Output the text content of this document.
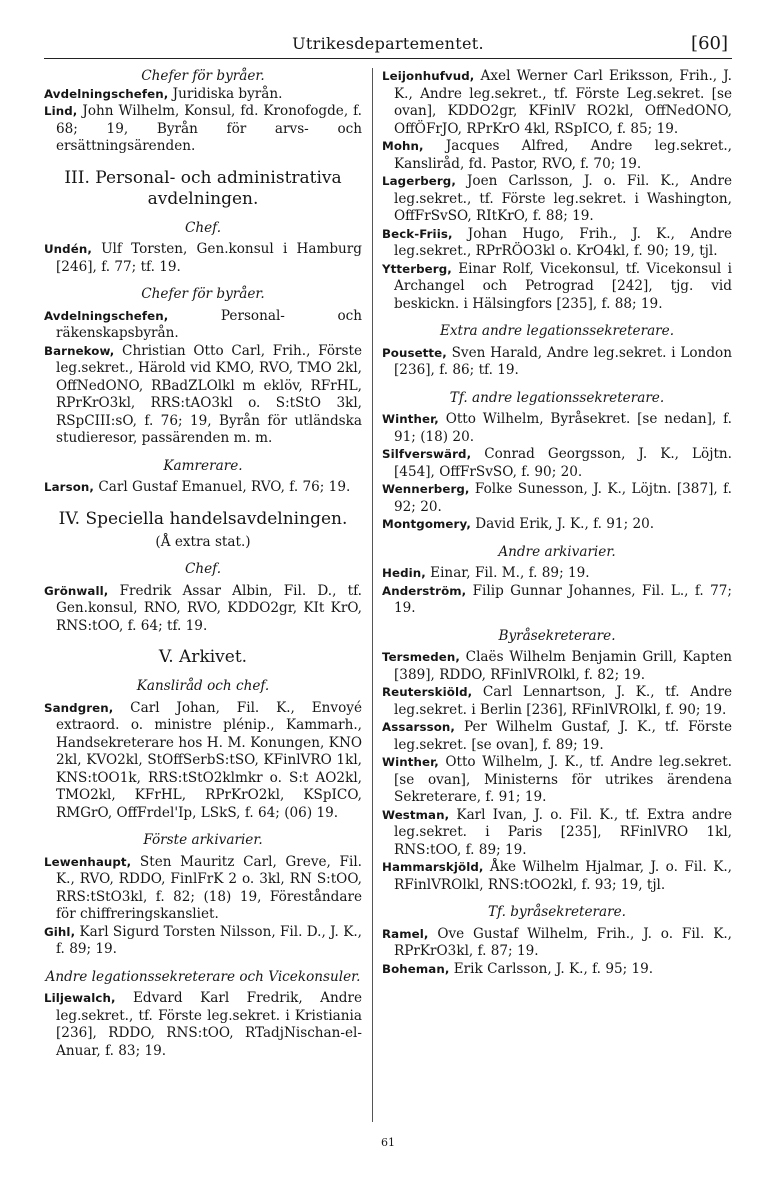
Utrikesdepartementet.	[60]
Chefer för byråer.

Avdelningschefen, Juridiska byrån.

Lind, John Wilhelm, Konsul, fd. Kronofogde, f. 68; 19, Byrån för arvs- och ersättningsärenden.

III. Personal- och administrativa avdelningen.
Chef.

Undén, Ulf Torsten, Gen.konsul i Hamburg [246], f. 77; tf. 19.

Chefer för byråer.

Avdelningschefen, Personal- och räkenskapsbyrån.

Barnekow, Christian Otto Carl, Frih., Förste leg.sekret., Härold vid KMO, RVO, TMO 2kl, OffNedONO, RBadZLOlkl m eklöv, RFrHL, RPrKrO3kl, RRS:tAO3kl o. S:tStO 3kl, RSpCIII:sO, f. 76; 19, Byrån för utländska studieresor, passärenden m. m.

Kamrerare.

Larson, Carl Gustaf Emanuel, RVO, f. 76; 19.

IV. Speciella handelsavdelningen.
(Å extra stat.)
Chef.

Grönwall, Fredrik Assar Albin, Fil. D., tf. Gen.konsul, RNO, RVO, KDDO2gr, KIt KrO, RNS:tOO, f. 64; tf. 19.

V. Arkivet.
Kansliråd och chef.

Sandgren, Carl Johan, Fil. K., Envoyé extraord. o. ministre plénip., Kammarh., Handsekreterare hos H. M. Konungen, KNO 2kl, KVO2kl, StOffSerbS:tSO, KFinlVRO 1kl, KNS:tOO1k, RRS:tStO2klmkr o. S:t AO2kl, TMO2kl, KFrHL, RPrKrO2kl, KSpICO, RMGrO, OffFrdel'Ip, LSkS, f. 64; (06) 19.

Förste arkivarier.

Lewenhaupt, Sten Mauritz Carl, Greve, Fil. K., RVO, RDDO, FinlFrK 2 o. 3kl, RN S:tOO, RRS:tStO3kl, f. 82; (18) 19, Föreståndare för chiffreringskansliet.

Gihl, Karl Sigurd Torsten Nilsson, Fil. D., J. K., f. 89; 19.

Andre legationssekreterare och Vicekonsuler.

Liljewalch, Edvard Karl Fredrik, Andre leg.sekret., tf. Förste leg.sekret. i Kristiania [236], RDDO, RNS:tOO, RTadjNischan-el-Anuar, f. 83; 19.

Leijonhufvud, Axel Werner Carl Eriksson, Frih., J. K., Andre leg.sekret., tf. Förste Leg.sekret. [se ovan], KDDO2gr, KFinlV RO2kl, OffNedONO, OffÖFrJO, RPrKrO 4kl, RSpICO, f. 85; 19.

Mohn, Jacques Alfred, Andre leg.sekret., Kansliråd, fd. Pastor, RVO, f. 70; 19.

Lagerberg, Joen Carlsson, J. o. Fil. K., Andre leg.sekret., tf. Förste leg.sekret. i Washington, OffFrSvSO, RItKrO, f. 88; 19.

Beck-Friis, Johan Hugo, Frih., J. K., Andre leg.sekret., RPrRÖO3kl o. KrO4kl, f. 90; 19, tjl.

Ytterberg, Einar Rolf, Vicekonsul, tf. Vicekonsul i Archangel och Petrograd [242], tjg. vid beskickn. i Hälsingfors [235], f. 88; 19.

Extra andre legationssekreterare.

Pousette, Sven Harald, Andre leg.sekret. i London [236], f. 86; tf. 19.

Tf. andre legationssekreterare.

Winther, Otto Wilhelm, Byråsekret. [se nedan], f. 91; (18) 20.

Silfverswärd, Conrad Georgsson, J. K., Löjtn. [454], OffFrSvSO, f. 90; 20.

Wennerberg, Folke Sunesson, J. K., Löjtn. [387], f. 92; 20.

Montgomery, David Erik, J. K., f. 91; 20.

Andre arkivarier.

Hedin, Einar, Fil. M., f. 89; 19.

Anderström, Filip Gunnar Johannes, Fil. L., f. 77; 19.

Byråsekreterare.

Tersmeden, Claës Wilhelm Benjamin Grill, Kapten [389], RDDO, RFinlVROlkl, f. 82; 19.

Reuterskiöld, Carl Lennartson, J. K., tf. Andre leg.sekret. i Berlin [236], RFinlVROlkl, f. 90; 19.

Assarsson, Per Wilhelm Gustaf, J. K., tf. Förste leg.sekret. [se ovan], f. 89; 19.

Winther, Otto Wilhelm, J. K., tf. Andre leg.sekret. [se ovan], Ministerns för utrikes ärendena Sekreterare, f. 91; 19.

Westman, Karl Ivan, J. o. Fil. K., tf. Extra andre leg.sekret. i Paris [235], RFinlVRO 1kl, RNS:tOO, f. 89; 19.

Hammarskjöld, Åke Wilhelm Hjalmar, J. o. Fil. K., RFinlVROlkl, RNS:tOO2kl, f. 93; 19, tjl.

Tf. byråsekreterare.

Ramel, Ove Gustaf Wilhelm, Frih., J. o. Fil. K., RPrKrO3kl, f. 87; 19.

Boheman, Erik Carlsson, J. K., f. 95; 19.

61
